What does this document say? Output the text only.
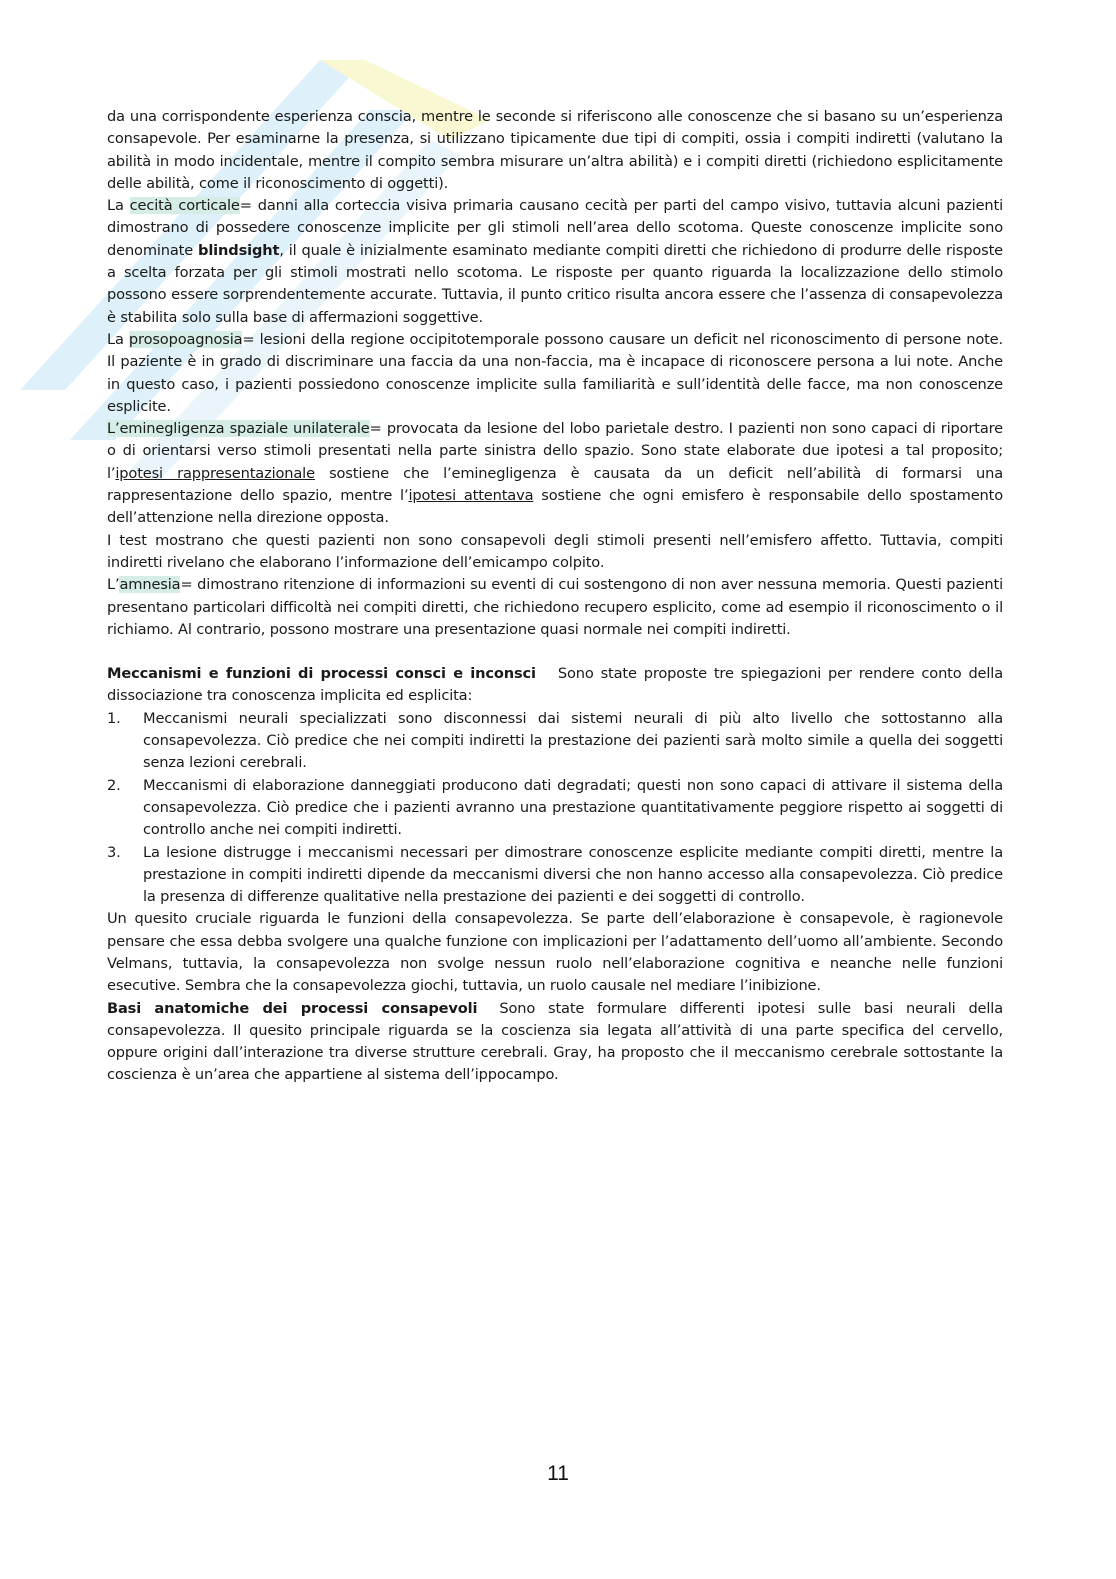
da una corrispondente esperienza conscia, mentre le seconde si riferiscono alle conoscenze che si basano su un’esperienza consapevole. Per esaminarne la presenza, si utilizzano tipicamente due tipi di compiti, ossia i compiti indiretti (valutano la abilità in modo incidentale, mentre il compito sembra misurare un’altra abilità) e i compiti diretti (richiedono esplicitamente delle abilità, come il riconoscimento di oggetti).

La cecità corticale= danni alla corteccia visiva primaria causano cecità per parti del campo visivo, tuttavia alcuni pazienti dimostrano di possedere conoscenze implicite per gli stimoli nell’area dello scotoma. Queste conoscenze implicite sono denominate blindsight, il quale è inizialmente esaminato mediante compiti diretti che richiedono di produrre delle risposte a scelta forzata per gli stimoli mostrati nello scotoma. Le risposte per quanto riguarda la localizzazione dello stimolo possono essere sorprendentemente accurate. Tuttavia, il punto critico risulta ancora essere che l’assenza di consapevolezza è stabilita solo sulla base di affermazioni soggettive.

La prosopoagnosia= lesioni della regione occipitotemporale possono causare un deficit nel riconoscimento di persone note. Il paziente è in grado di discriminare una faccia da una non-faccia, ma è incapace di riconoscere persona a lui note. Anche in questo caso, i pazienti possiedono conoscenze implicite sulla familiarità e sull’identità delle facce, ma non conoscenze esplicite.

L’eminegligenza spaziale unilaterale= provocata da lesione del lobo parietale destro. I pazienti non sono capaci di riportare o di orientarsi verso stimoli presentati nella parte sinistra dello spazio. Sono state elaborate due ipotesi a tal proposito; l’ipotesi rappresentazionale sostiene che l’eminegligenza è causata da un deficit nell’abilità di formarsi una rappresentazione dello spazio, mentre l’ipotesi attentava sostiene che ogni emisfero è responsabile dello spostamento dell’attenzione nella direzione opposta.

I test mostrano che questi pazienti non sono consapevoli degli stimoli presenti nell’emisfero affetto. Tuttavia, compiti indiretti rivelano che elaborano l’informazione dell’emicampo colpito.

L’amnesia= dimostrano ritenzione di informazioni su eventi di cui sostengono di non aver nessuna memoria. Questi pazienti presentano particolari difficoltà nei compiti diretti, che richiedono recupero esplicito, come ad esempio il riconoscimento o il richiamo. Al contrario, possono mostrare una presentazione quasi normale nei compiti indiretti.

Meccanismi e funzioni di processi consci e inconsci Sono state proposte tre spiegazioni per rendere conto della dissociazione tra conoscenza implicita ed esplicita:

1. Meccanismi neurali specializzati sono disconnessi dai sistemi neurali di più alto livello che sottostanno alla consapevolezza. Ciò predice che nei compiti indiretti la prestazione dei pazienti sarà molto simile a quella dei soggetti senza lezioni cerebrali.
2. Meccanismi di elaborazione danneggiati producono dati degradati; questi non sono capaci di attivare il sistema della consapevolezza. Ciò predice che i pazienti avranno una prestazione quantitativamente peggiore rispetto ai soggetti di controllo anche nei compiti indiretti.
3. La lesione distrugge i meccanismi necessari per dimostrare conoscenze esplicite mediante compiti diretti, mentre la prestazione in compiti indiretti dipende da meccanismi diversi che non hanno accesso alla consapevolezza. Ciò predice la presenza di differenze qualitative nella prestazione dei pazienti e dei soggetti di controllo.

Un quesito cruciale riguarda le funzioni della consapevolezza. Se parte dell’elaborazione è consapevole, è ragionevole pensare che essa debba svolgere una qualche funzione con implicazioni per l’adattamento dell’uomo all’ambiente. Secondo Velmans, tuttavia, la consapevolezza non svolge nessun ruolo nell’elaborazione cognitiva e neanche nelle funzioni esecutive. Sembra che la consapevolezza giochi, tuttavia, un ruolo causale nel mediare l’inibizione.

Basi anatomiche dei processi consapevoli Sono state formulare differenti ipotesi sulle basi neurali della consapevolezza. Il quesito principale riguarda se la coscienza sia legata all’attività di una parte specifica del cervello, oppure origini dall’interazione tra diverse strutture cerebrali. Gray, ha proposto che il meccanismo cerebrale sottostante la coscienza è un’area che appartiene al sistema dell’ippocampo.

11
